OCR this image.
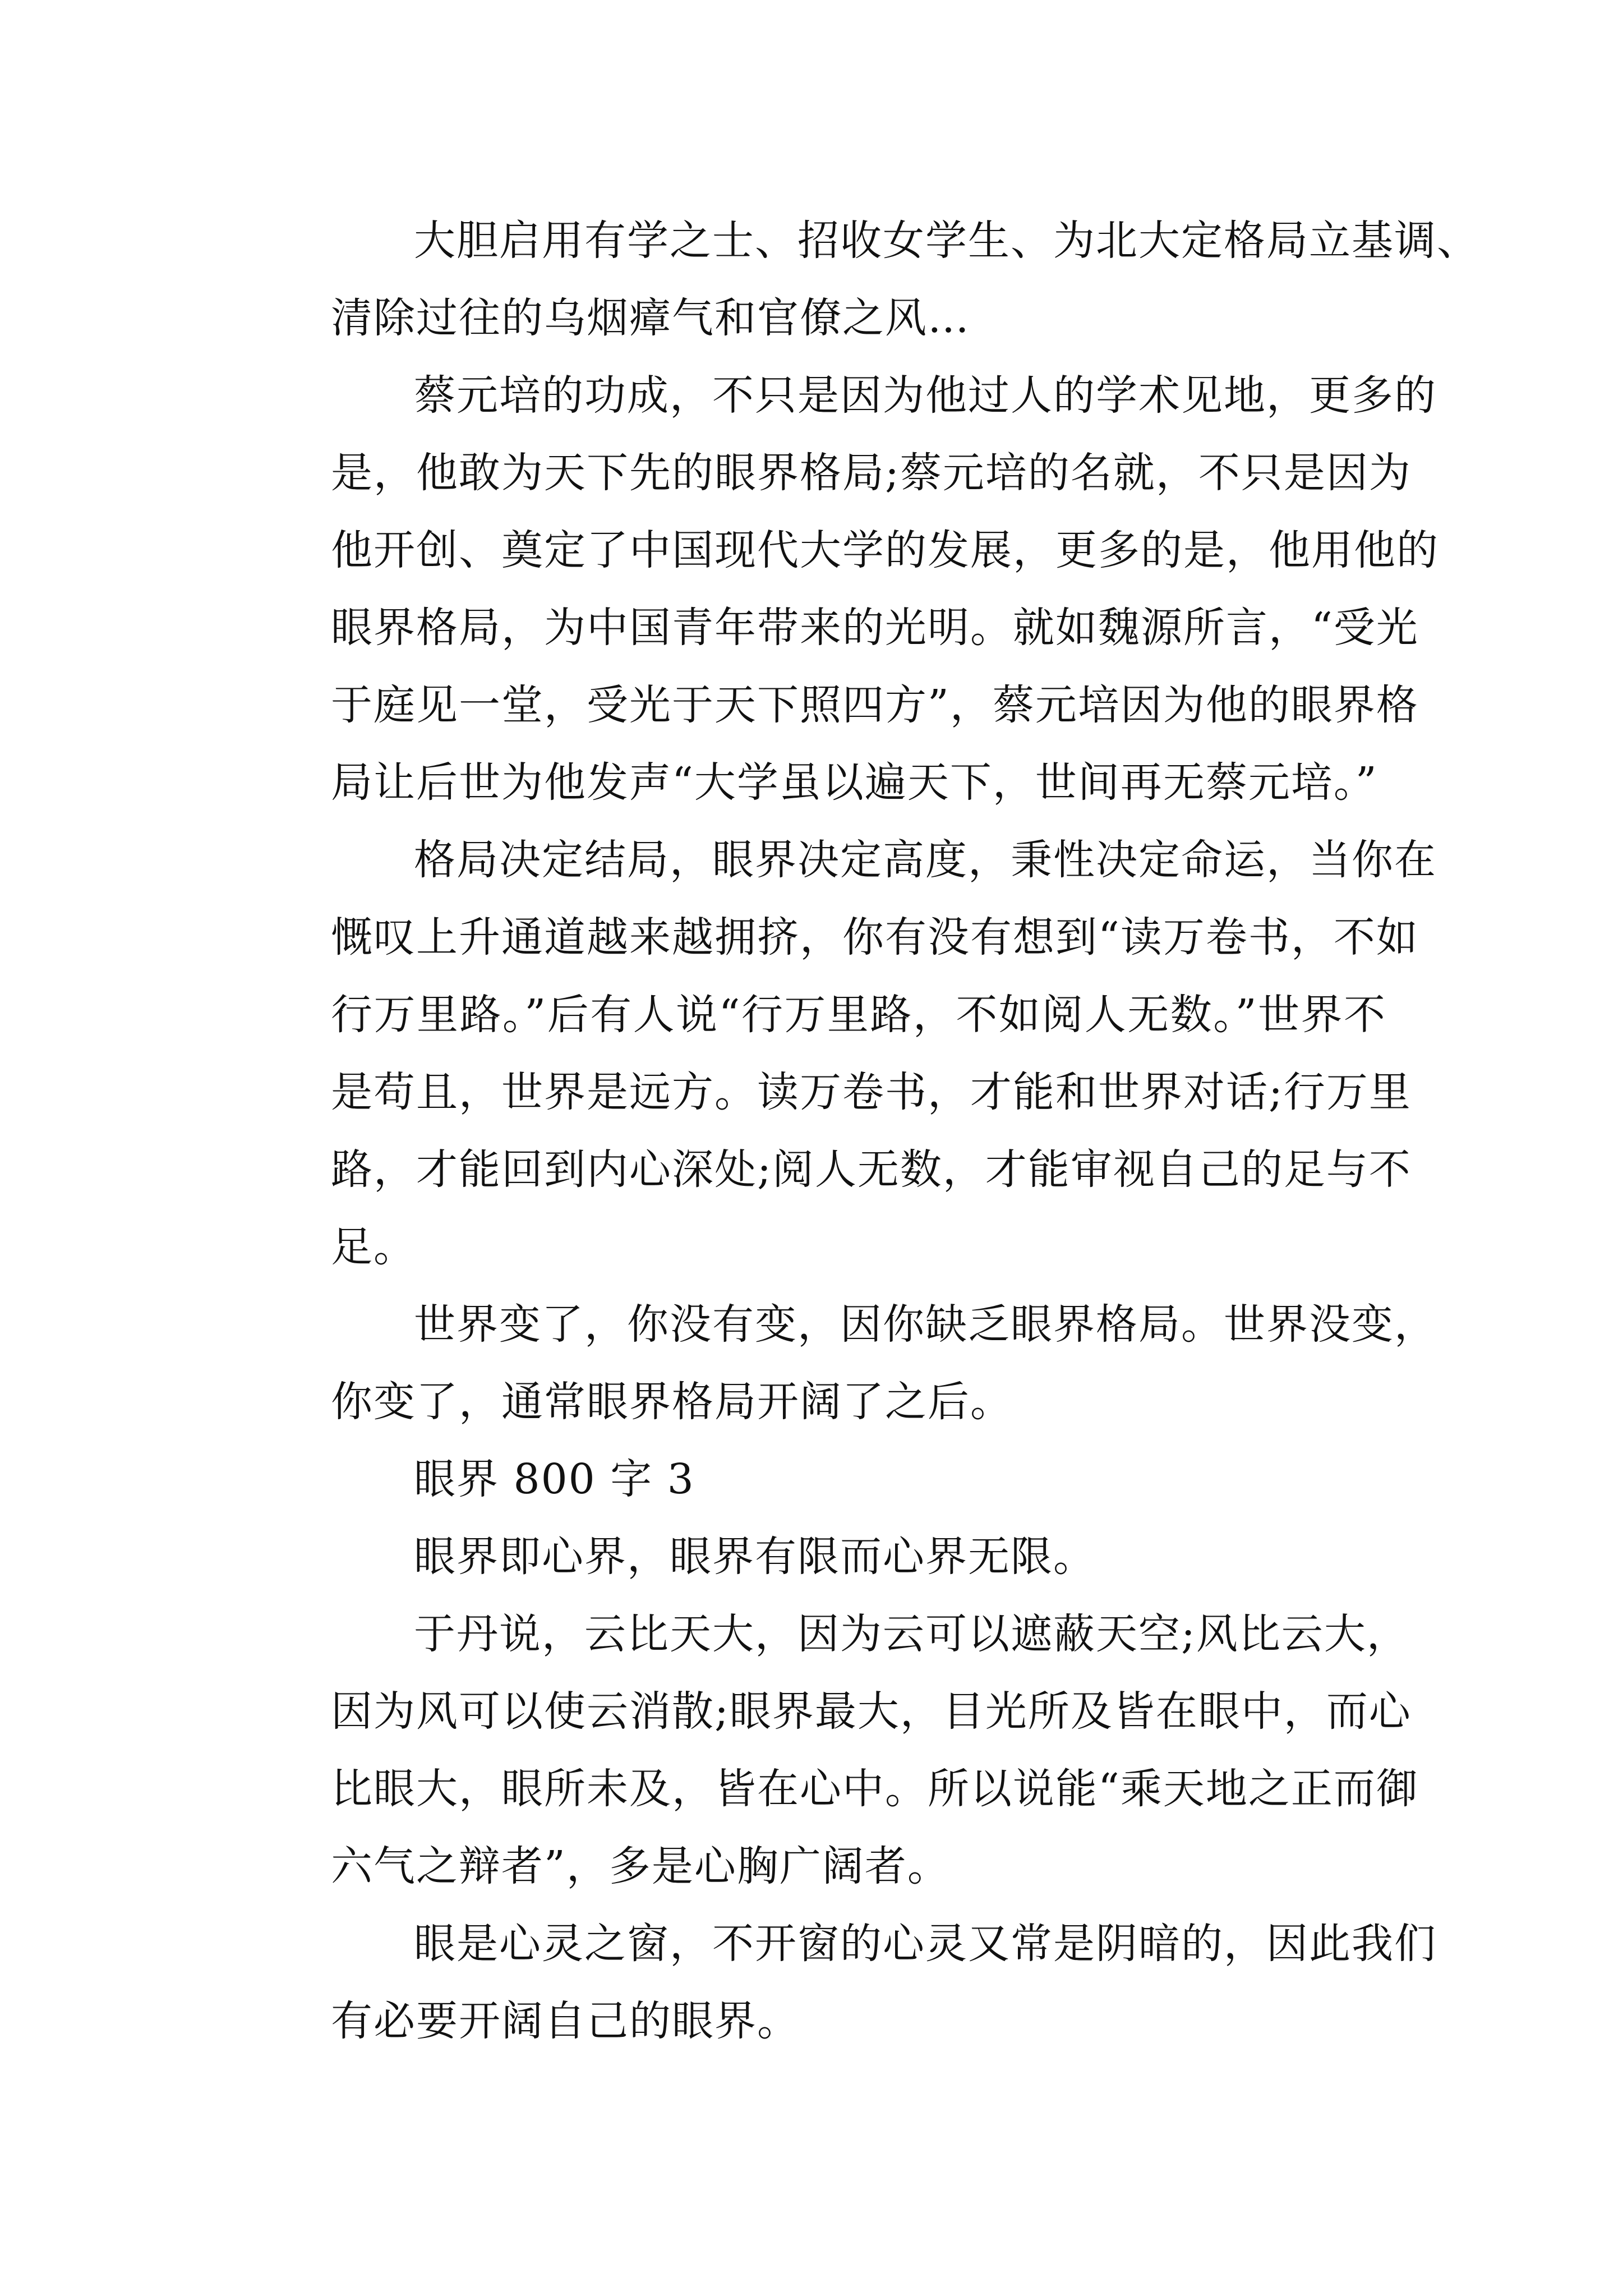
大胆启用有学之士、招收女学生、为北大定格局立基调、
清除过往的乌烟瘴气和官僚之风…
蔡元培的功成，不只是因为他过人的学术见地，更多的
是，他敢为天下先的眼界格局;蔡元培的名就，不只是因为
他开创、奠定了中国现代大学的发展，更多的是，他用他的
眼界格局，为中国青年带来的光明。就如魏源所言，“受光
于庭见一堂，受光于天下照四方”，蔡元培因为他的眼界格
局让后世为他发声“大学虽以遍天下，世间再无蔡元培。”
格局决定结局，眼界决定高度，秉性决定命运，当你在
慨叹上升通道越来越拥挤，你有没有想到“读万卷书，不如
行万里路。”后有人说“行万里路，不如阅人无数。”世界不
是苟且，世界是远方。读万卷书，才能和世界对话;行万里
路，才能回到内心深处;阅人无数，才能审视自己的足与不
足。
世界变了，你没有变，因你缺乏眼界格局。世界没变，
你变了，通常眼界格局开阔了之后。
眼界 800 字 3
眼界即心界，眼界有限而心界无限。
于丹说，云比天大，因为云可以遮蔽天空;风比云大，
因为风可以使云消散;眼界最大，目光所及皆在眼中，而心
比眼大，眼所未及，皆在心中。所以说能“乘天地之正而御
六气之辩者”，多是心胸广阔者。
眼是心灵之窗，不开窗的心灵又常是阴暗的，因此我们
有必要开阔自己的眼界。
